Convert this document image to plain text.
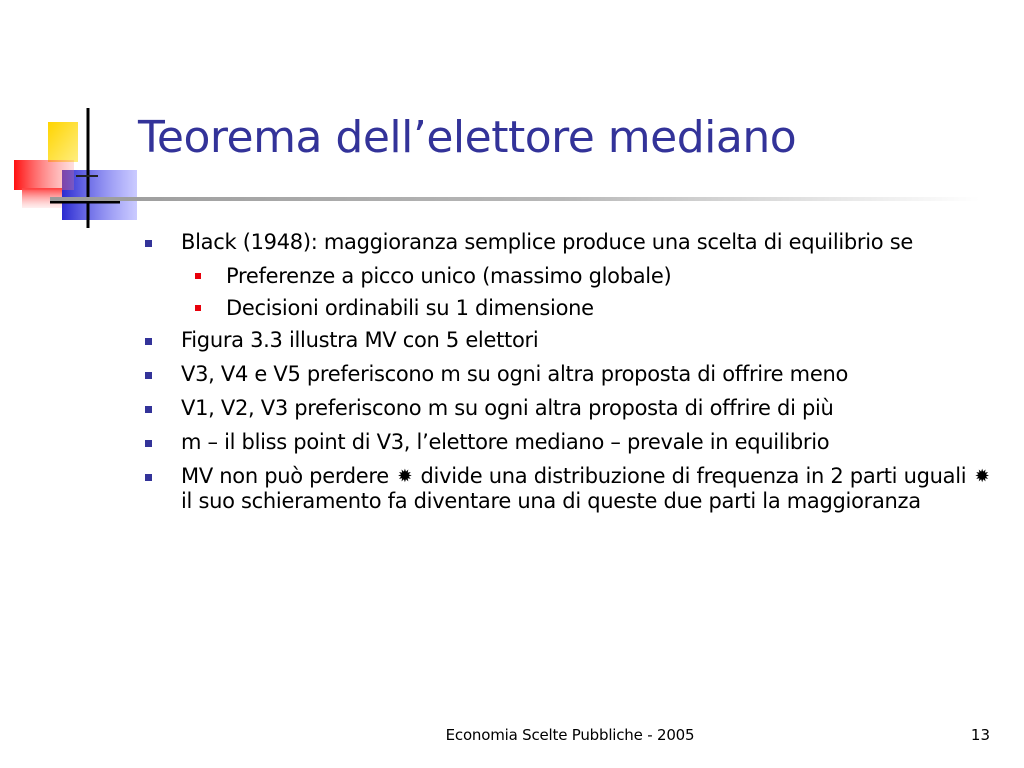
Teorema dell’elettore mediano
Black (1948): maggioranza semplice produce una scelta di equilibrio se
Preferenze a picco unico (massimo globale)
Decisioni ordinabili su 1 dimensione
Figura 3.3 illustra MV con 5 elettori
V3, V4 e V5 preferiscono m su ogni altra proposta di offrire meno
V1, V2, V3 preferiscono m su ogni altra proposta di offrire di più
m – il bliss point di V3, l’elettore mediano – prevale in equilibrio
MV non può perdere ✹ divide una distribuzione di frequenza in 2 parti uguali ✹ il suo schieramento fa diventare una di queste due parti la maggioranza
Economia Scelte Pubbliche - 2005	13
